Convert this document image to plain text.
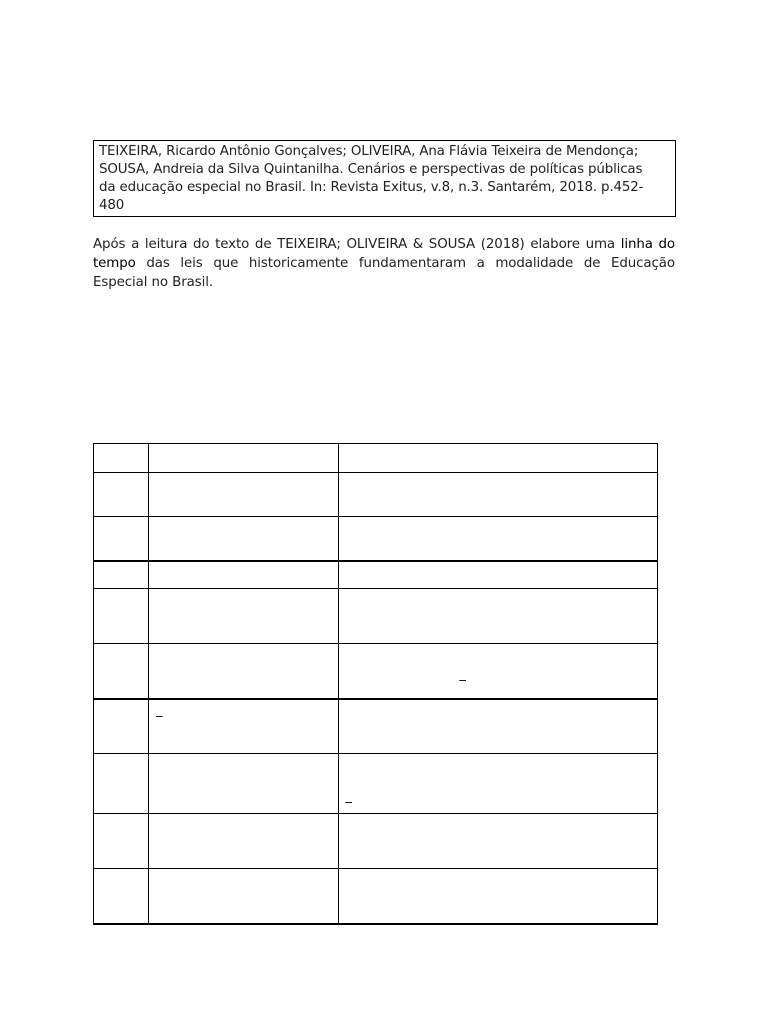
TEIXEIRA, Ricardo Antônio Gonçalves; OLIVEIRA, Ana Flávia Teixeira de Mendonça;
SOUSA, Andreia da Silva Quintanilha. Cenários e perspectivas de políticas públicas
da educação especial no Brasil. In: Revista Exitus, v.8, n.3. Santarém, 2018. p.452-
480
Após a leitura do texto de TEIXEIRA; OLIVEIRA & SOUSA (2018) elabore uma linha do
tempo das leis que historicamente fundamentaram a modalidade de Educação
Especial no Brasil.

		_

	_	

		_
